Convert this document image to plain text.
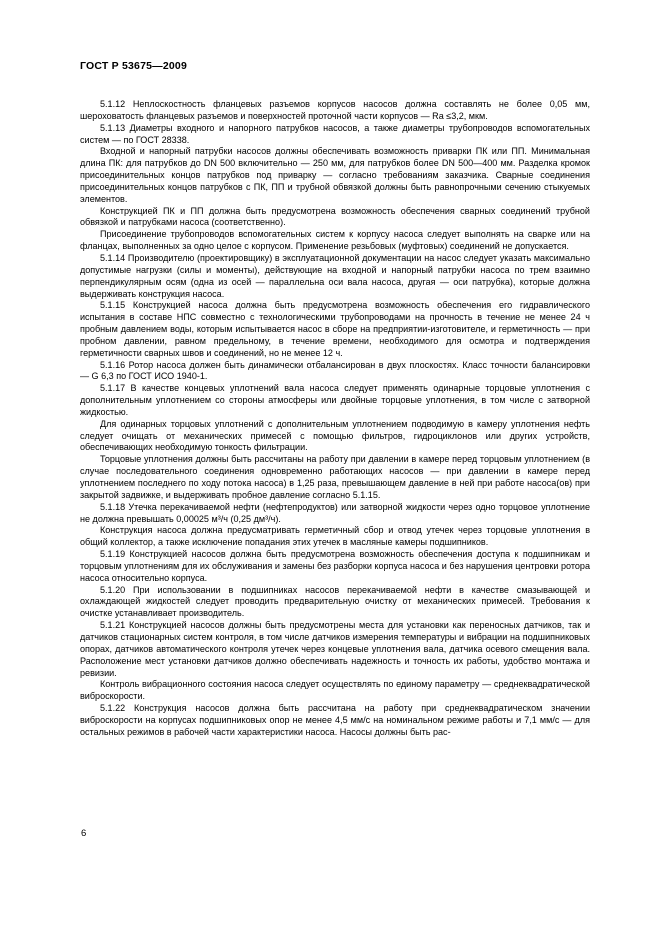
ГОСТ Р 53675—2009

5.1.12 Неплоскостность фланцевых разъемов корпусов насосов должна составлять не более 0,05 мм, шероховатость фланцевых разъемов и поверхностей проточной части корпусов — Ra ≤3,2, мкм.

5.1.13 Диаметры входного и напорного патрубков насосов, а также диаметры трубопроводов вспомогательных систем — по ГОСТ 28338.

Входной и напорный патрубки насосов должны обеспечивать возможность приварки ПК или ПП. Минимальная длина ПК: для патрубков до DN 500 включительно — 250 мм, для патрубков более DN 500—400 мм. Разделка кромок присоединительных концов патрубков под приварку — согласно требованиям заказчика. Сварные соединения присоединительных концов патрубков с ПК, ПП и трубной обвязкой должны быть равнопрочными сечению стыкуемых элементов.

Конструкцией ПК и ПП должна быть предусмотрена возможность обеспечения сварных соединений трубной обвязкой и патрубками насоса (соответственно).

Присоединение трубопроводов вспомогательных систем к корпусу насоса следует выполнять на сварке или на фланцах, выполненных за одно целое с корпусом. Применение резьбовых (муфтовых) соединений не допускается.

5.1.14 Производителю (проектировщику) в эксплуатационной документации на насос следует указать максимально допустимые нагрузки (силы и моменты), действующие на входной и напорный патрубки насоса по трем взаимно перпендикулярным осям (одна из осей — параллельна оси вала насоса, другая — оси патрубка), которые должна выдерживать конструкция насоса.

5.1.15 Конструкцией насоса должна быть предусмотрена возможность обеспечения его гидравлического испытания в составе НПС совместно с технологическими трубопроводами на прочность в течение не менее 24 ч пробным давлением воды, которым испытывается насос в сборе на предприятии-изготовителе, и герметичность — при пробном давлении, равном предельному, в течение времени, необходимого для осмотра и подтверждения герметичности сварных швов и соединений, но не менее 12 ч.

5.1.16 Ротор насоса должен быть динамически отбалансирован в двух плоскостях. Класс точности балансировки — G 6,3 по ГОСТ ИСО 1940-1.

5.1.17 В качестве концевых уплотнений вала насоса следует применять одинарные торцовые уплотнения с дополнительным уплотнением со стороны атмосферы или двойные торцовые уплотнения, в том числе с затворной жидкостью.

Для одинарных торцовых уплотнений с дополнительным уплотнением подводимую в камеру уплотнения нефть следует очищать от механических примесей с помощью фильтров, гидроциклонов или других устройств, обеспечивающих необходимую тонкость фильтрации.

Торцовые уплотнения должны быть рассчитаны на работу при давлении в камере перед торцовым уплотнением (в случае последовательного соединения одновременно работающих насосов — при давлении в камере перед уплотнением последнего по ходу потока насоса) в 1,25 раза, превышающем давление в ней при работе насоса(ов) при закрытой задвижке, и выдерживать пробное давление согласно 5.1.15.

5.1.18 Утечка перекачиваемой нефти (нефтепродуктов) или затворной жидкости через одно торцовое уплотнение не должна превышать 0,00025 м³/ч (0,25 дм³/ч).

Конструкция насоса должна предусматривать герметичный сбор и отвод утечек через торцовые уплотнения в общий коллектор, а также исключение попадания этих утечек в масляные камеры подшипников.

5.1.19 Конструкцией насосов должна быть предусмотрена возможность обеспечения доступа к подшипникам и торцовым уплотнениям для их обслуживания и замены без разборки корпуса насоса и без нарушения центровки ротора насоса относительно корпуса.

5.1.20 При использовании в подшипниках насосов перекачиваемой нефти в качестве смазывающей и охлаждающей жидкостей следует проводить предварительную очистку от механических примесей. Требования к очистке устанавливает производитель.

5.1.21 Конструкцией насосов должны быть предусмотрены места для установки как переносных датчиков, так и датчиков стационарных систем контроля, в том числе датчиков измерения температуры и вибрации на подшипниковых опорах, датчиков автоматического контроля утечек через концевые уплотнения вала, датчика осевого смещения вала. Расположение мест установки датчиков должно обеспечивать надежность и точность их работы, удобство монтажа и ревизии.

Контроль вибрационного состояния насоса следует осуществлять по единому параметру — среднеквадратической виброскорости.

5.1.22 Конструкция насосов должна быть рассчитана на работу при среднеквадратическом значении виброскорости на корпусах подшипниковых опор не менее 4,5 мм/с на номинальном режиме работы и 7,1 мм/с — для остальных режимов в рабочей части характеристики насоса. Насосы должны быть рас-

6
